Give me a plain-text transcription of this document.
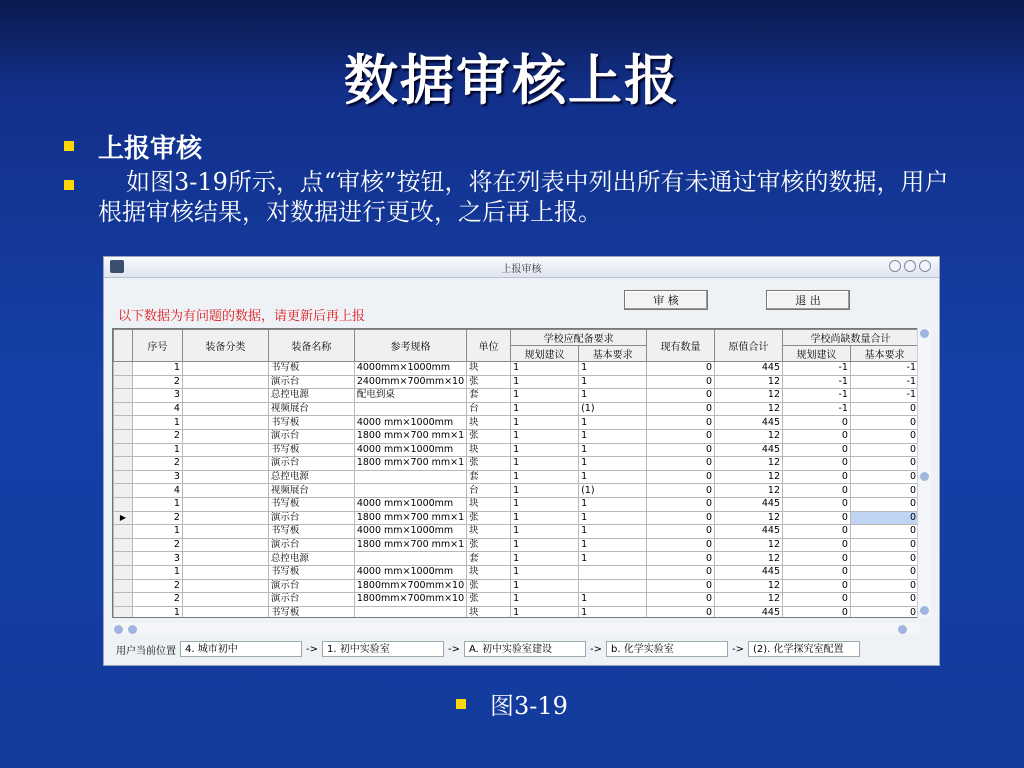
数据审核上报
上报审核
如图3-19所示，点“审核”按钮，将在列表中列出所有未通过审核的数据，用户根据审核结果，对数据进行更改，之后再上报。
上报审核
审 核	退 出
以下数据为有问题的数据，请更新后再上报
	序号	装备分类	装备名称	参考规格	单位	学校应配备要求		现有数量	原值合计	学校尚缺数量合计	
						规划建议	基本要求			规划建议	基本要求
	1		书写板	4000mm×1000mm	块	1	1	0	445	-1	-1
	2		演示台	2400mm×700mm×10	张	1	1	0	12	-1	-1
	3		总控电源	配电到桌	套	1	1	0	12	-1	-1
	4		视频展台		台	1	(1)	0	12	-1	0
	1		书写板	4000 mm×1000mm	块	1	1	0	445	0	0
	2		演示台	1800 mm×700 mm×1	张	1	1	0	12	0	0
	1		书写板	4000 mm×1000mm	块	1	1	0	445	0	0
	2		演示台	1800 mm×700 mm×1	张	1	1	0	12	0	0
	3		总控电源		套	1	1	0	12	0	0
	4		视频展台		台	1	(1)	0	12	0	0
	1		书写板	4000 mm×1000mm	块	1	1	0	445	0	0
▶	2		演示台	1800 mm×700 mm×1	张	1	1	0	12	0	0
	1		书写板	4000 mm×1000mm	块	1	1	0	445	0	0
	2		演示台	1800 mm×700 mm×1	张	1	1	0	12	0	0
	3		总控电源		套	1	1	0	12	0	0
	1		书写板	4000 mm×1000mm	块	1		0	445	0	0
	2		演示台	1800mm×700mm×10	张	1		0	12	0	0
	2		演示台	1800mm×700mm×10	张	1	1	0	12	0	0
	1		书写板		块	1	1	0	445	0	0
用户当前位置 4. 城市初中	-> 1. 初中实验室	-> A. 初中实验室建设	-> b. 化学实验室	-> (2). 化学探究室配置
图3-19
